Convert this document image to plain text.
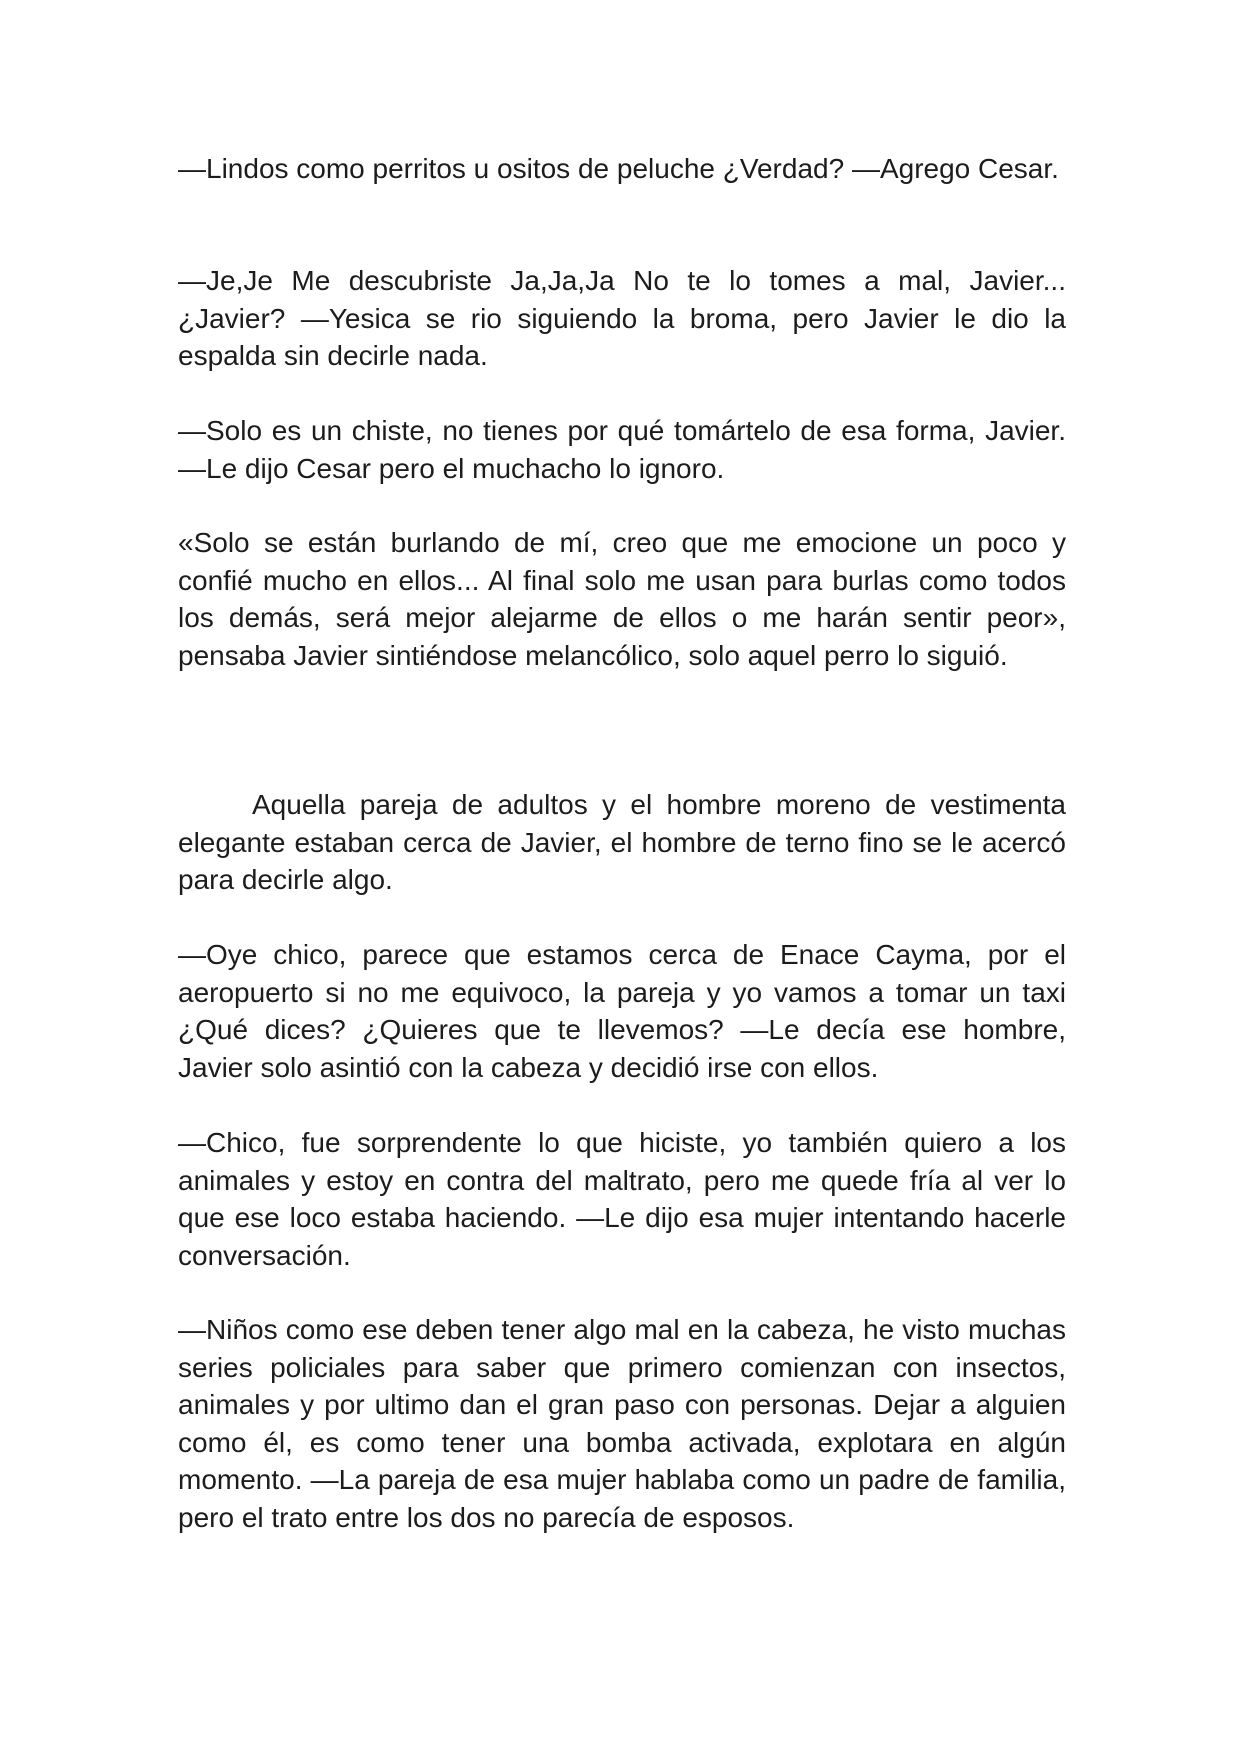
—Lindos como perritos u ositos de peluche ¿Verdad? —Agrego Cesar.

—Je,Je Me descubriste Ja,Ja,Ja No te lo tomes a mal, Javier... ¿Javier? —Yesica se rio siguiendo la broma, pero Javier le dio la espalda sin decirle nada.

—Solo es un chiste, no tienes por qué tomártelo de esa forma, Javier. —Le dijo Cesar pero el muchacho lo ignoro.

«Solo se están burlando de mí, creo que me emocione un poco y confié mucho en ellos... Al final solo me usan para burlas como todos los demás, será mejor alejarme de ellos o me harán sentir peor», pensaba Javier sintiéndose melancólico, solo aquel perro lo siguió.

Aquella pareja de adultos y el hombre moreno de vestimenta elegante estaban cerca de Javier, el hombre de terno fino se le acercó para decirle algo.

—Oye chico, parece que estamos cerca de Enace Cayma, por el aeropuerto si no me equivoco, la pareja y yo vamos a tomar un taxi ¿Qué dices? ¿Quieres que te llevemos? —Le decía ese hombre, Javier solo asintió con la cabeza y decidió irse con ellos.

—Chico, fue sorprendente lo que hiciste, yo también quiero a los animales y estoy en contra del maltrato, pero me quede fría al ver lo que ese loco estaba haciendo. —Le dijo esa mujer intentando hacerle conversación.

—Niños como ese deben tener algo mal en la cabeza, he visto muchas series policiales para saber que primero comienzan con insectos, animales y por ultimo dan el gran paso con personas. Dejar a alguien como él, es como tener una bomba activada, explotara en algún momento. —La pareja de esa mujer hablaba como un padre de familia, pero el trato entre los dos no parecía de esposos.
